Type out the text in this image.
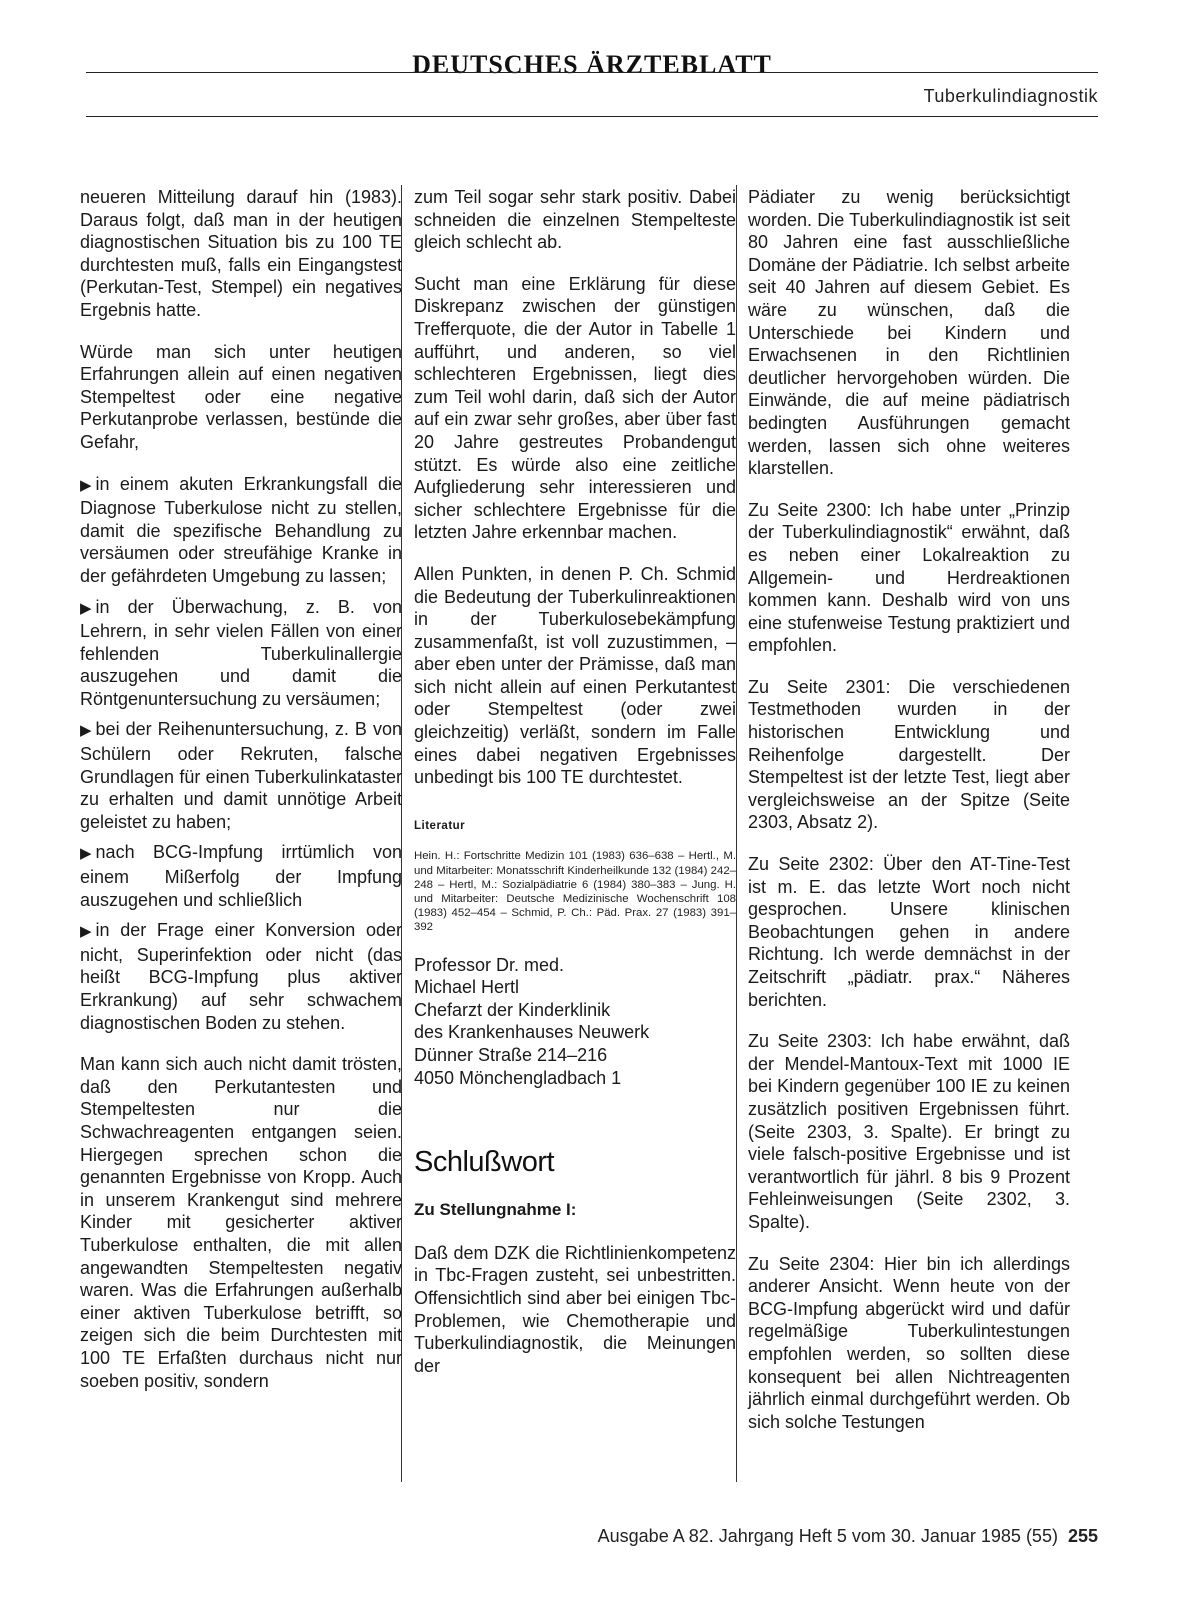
DEUTSCHES ÄRZTEBLATT
Tuberkulindiagnostik

neueren Mitteilung darauf hin (1983). Daraus folgt, daß man in der heutigen diagnostischen Situation bis zu 100 TE durchtesten muß, falls ein Eingangstest (Perkutan-Test, Stempel) ein negatives Ergebnis hatte.

Würde man sich unter heutigen Erfahrungen allein auf einen negativen Stempeltest oder eine negative Perkutanprobe verlassen, bestünde die Gefahr,

▶ in einem akuten Erkrankungsfall die Diagnose Tuberkulose nicht zu stellen, damit die spezifische Behandlung zu versäumen oder streufähige Kranke in der gefährdeten Umgebung zu lassen;

▶ in der Überwachung, z. B. von Lehrern, in sehr vielen Fällen von einer fehlenden Tuberkulinallergie auszugehen und damit die Röntgenuntersuchung zu versäumen;

▶ bei der Reihenuntersuchung, z. B von Schülern oder Rekruten, falsche Grundlagen für einen Tuberkulinkataster zu erhalten und damit unnötige Arbeit geleistet zu haben;

▶ nach BCG-Impfung irrtümlich von einem Mißerfolg der Impfung auszugehen und schließlich

▶ in der Frage einer Konversion oder nicht, Superinfektion oder nicht (das heißt BCG-Impfung plus aktiver Erkrankung) auf sehr schwachem diagnostischen Boden zu stehen.

Man kann sich auch nicht damit trösten, daß den Perkutantesten und Stempeltesten nur die Schwachreagenten entgangen seien. Hiergegen sprechen schon die genannten Ergebnisse von Kropp. Auch in unserem Krankengut sind mehrere Kinder mit gesicherter aktiver Tuberkulose enthalten, die mit allen angewandten Stempeltesten negativ waren. Was die Erfahrungen außerhalb einer aktiven Tuberkulose betrifft, so zeigen sich die beim Durchtesten mit 100 TE Erfaßten durchaus nicht nur soeben positiv, sondern

zum Teil sogar sehr stark positiv. Dabei schneiden die einzelnen Stempelteste gleich schlecht ab.

Sucht man eine Erklärung für diese Diskrepanz zwischen der günstigen Trefferquote, die der Autor in Tabelle 1 aufführt, und anderen, so viel schlechteren Ergebnissen, liegt dies zum Teil wohl darin, daß sich der Autor auf ein zwar sehr großes, aber über fast 20 Jahre gestreutes Probandengut stützt. Es würde also eine zeitliche Aufgliederung sehr interessieren und sicher schlechtere Ergebnisse für die letzten Jahre erkennbar machen.

Allen Punkten, in denen P. Ch. Schmid die Bedeutung der Tuberkulinreaktionen in der Tuberkulosebekämpfung zusammenfaßt, ist voll zuzustimmen, – aber eben unter der Prämisse, daß man sich nicht allein auf einen Perkutantest oder Stempeltest (oder zwei gleichzeitig) verläßt, sondern im Falle eines dabei negativen Ergebnisses unbedingt bis 100 TE durchtestet.

Literatur

Hein. H.: Fortschritte Medizin 101 (1983) 636–638 – Hertl., M. und Mitarbeiter: Monatsschrift Kinderheilkunde 132 (1984) 242–248 – Hertl, M.: Sozialpädiatrie 6 (1984) 380–383 – Jung. H. und Mitarbeiter: Deutsche Medizinische Wochenschrift 108 (1983) 452–454 – Schmid, P. Ch.: Päd. Prax. 27 (1983) 391–392

Professor Dr. med.
Michael Hertl
Chefarzt der Kinderklinik
des Krankenhauses Neuwerk
Dünner Straße 214–216
4050 Mönchengladbach 1
Schlußwort
Zu Stellungnahme I:

Daß dem DZK die Richtlinienkompetenz in Tbc-Fragen zusteht, sei unbestritten. Offensichtlich sind aber bei einigen Tbc-Problemen, wie Chemotherapie und Tuberkulindiagnostik, die Meinungen der

Pädiater zu wenig berücksichtigt worden. Die Tuberkulindiagnostik ist seit 80 Jahren eine fast ausschließliche Domäne der Pädiatrie. Ich selbst arbeite seit 40 Jahren auf diesem Gebiet. Es wäre zu wünschen, daß die Unterschiede bei Kindern und Erwachsenen in den Richtlinien deutlicher hervorgehoben würden. Die Einwände, die auf meine pädiatrisch bedingten Ausführungen gemacht werden, lassen sich ohne weiteres klarstellen.

Zu Seite 2300: Ich habe unter „Prinzip der Tuberkulindiagnostik“ erwähnt, daß es neben einer Lokalreaktion zu Allgemein- und Herdreaktionen kommen kann. Deshalb wird von uns eine stufenweise Testung praktiziert und empfohlen.

Zu Seite 2301: Die verschiedenen Testmethoden wurden in der historischen Entwicklung und Reihenfolge dargestellt. Der Stempeltest ist der letzte Test, liegt aber vergleichsweise an der Spitze (Seite 2303, Absatz 2).

Zu Seite 2302: Über den AT-Tine-Test ist m. E. das letzte Wort noch nicht gesprochen. Unsere klinischen Beobachtungen gehen in andere Richtung. Ich werde demnächst in der Zeitschrift „pädiatr. prax.“ Näheres berichten.

Zu Seite 2303: Ich habe erwähnt, daß der Mendel-Mantoux-Text mit 1000 IE bei Kindern gegenüber 100 IE zu keinen zusätzlich positiven Ergebnissen führt. (Seite 2303, 3. Spalte). Er bringt zu viele falsch-positive Ergebnisse und ist verantwortlich für jährl. 8 bis 9 Prozent Fehleinweisungen (Seite 2302, 3. Spalte).

Zu Seite 2304: Hier bin ich allerdings anderer Ansicht. Wenn heute von der BCG-Impfung abgerückt wird und dafür regelmäßige Tuberkulintestungen empfohlen werden, so sollten diese konsequent bei allen Nichtreagenten jährlich einmal durchgeführt werden. Ob sich solche Testungen

Ausgabe A 82. Jahrgang Heft 5 vom 30. Januar 1985 (55) 255
